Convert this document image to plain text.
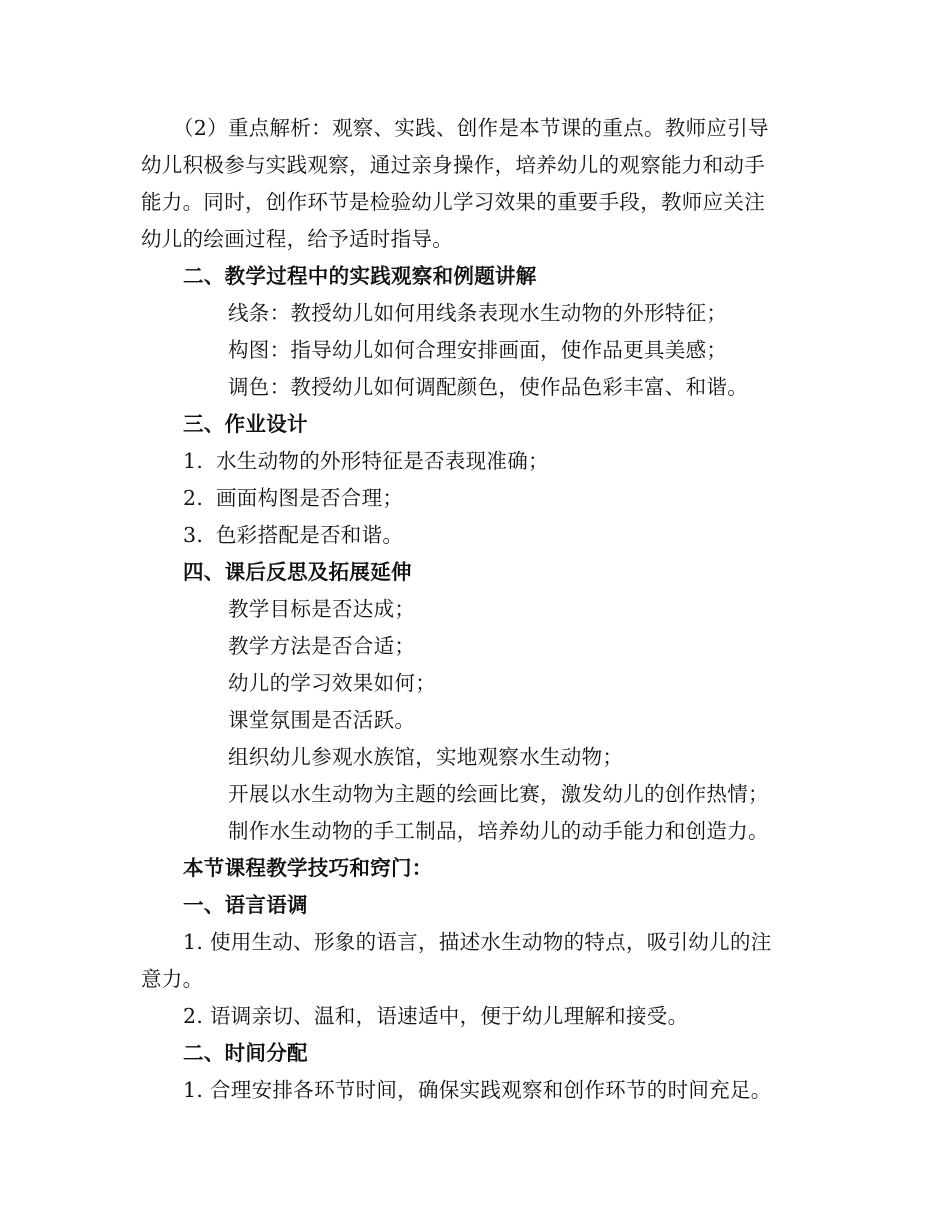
（2）重点解析：观察、实践、创作是本节课的重点。教师应引导
幼儿积极参与实践观察，通过亲身操作，培养幼儿的观察能力和动手
能力。同时，创作环节是检验幼儿学习效果的重要手段，教师应关注
幼儿的绘画过程，给予适时指导。
二、教学过程中的实践观察和例题讲解
线条：教授幼儿如何用线条表现水生动物的外形特征；
构图：指导幼儿如何合理安排画面，使作品更具美感；
调色：教授幼儿如何调配颜色，使作品色彩丰富、和谐。
三、作业设计
1. 水生动物的外形特征是否表现准确；
2. 画面构图是否合理；
3. 色彩搭配是否和谐。
四、课后反思及拓展延伸
教学目标是否达成；
教学方法是否合适；
幼儿的学习效果如何；
课堂氛围是否活跃。
组织幼儿参观水族馆，实地观察水生动物；
开展以水生动物为主题的绘画比赛，激发幼儿的创作热情；
制作水生动物的手工制品，培养幼儿的动手能力和创造力。
本节课程教学技巧和窍门：
一、语言语调
1. 使用生动、形象的语言，描述水生动物的特点，吸引幼儿的注
意力。
2. 语调亲切、温和，语速适中，便于幼儿理解和接受。
二、时间分配
1. 合理安排各环节时间，确保实践观察和创作环节的时间充足。
